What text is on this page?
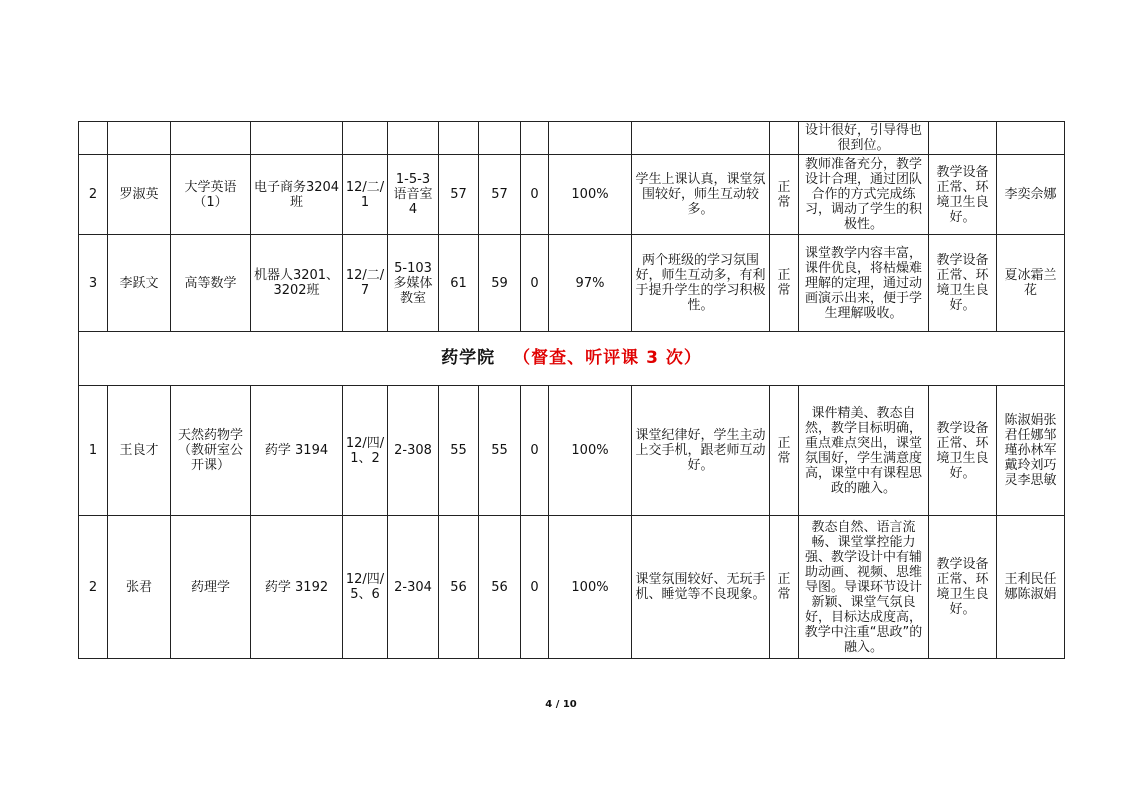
												设计很好，引导得也很到位。		
2	罗淑英	大学英语（1）	电子商务3204 班	12/二/1	1-5-3语音室 4	57	57	0	100%	学生上课认真，课堂氛围较好，师生互动较多。	正常	教师准备充分，教学设计合理，通过团队合作的方式完成练习，调动了学生的积极性。	教学设备正常、环境卫生良好。	李奕佘娜
3	李跃文	高等数学	机器人3201、3202班	12/二/7	5-103多媒体教室	61	59	0	97%	两个班级的学习氛围好，师生互动多，有利于提升学生的学习积极性。	正常	课堂教学内容丰富，课件优良，将枯燥难理解的定理，通过动画演示出来，便于学生理解吸收。	教学设备正常、环境卫生良好。	夏冰霜兰花
药学院 （督查、听评课 3 次）														
1	王良才	天然药物学（教研室公开课）	药学 3194	12/四/1、2	2-308	55	55	0	100%	课堂纪律好，学生主动上交手机，跟老师互动好。	正常	课件精美、教态自然，教学目标明确，重点难点突出，课堂氛围好，学生满意度高，课堂中有课程思政的融入。	教学设备正常、环境卫生良好。	陈淑娟张君任娜邹瑾孙林军戴玲刘巧灵李思敏
2	张君	药理学	药学 3192	12/四/5、6	2-304	56	56	0	100%	课堂氛围较好、无玩手机、睡觉等不良现象。	正常	教态自然、语言流畅、课堂掌控能力强、教学设计中有辅助动画、视频、思维导图。导课环节设计新颖、课堂气氛良好，目标达成度高，教学中注重“思政”的融入。	教学设备正常、环境卫生良好。	王利民任娜陈淑娟
4 / 10
